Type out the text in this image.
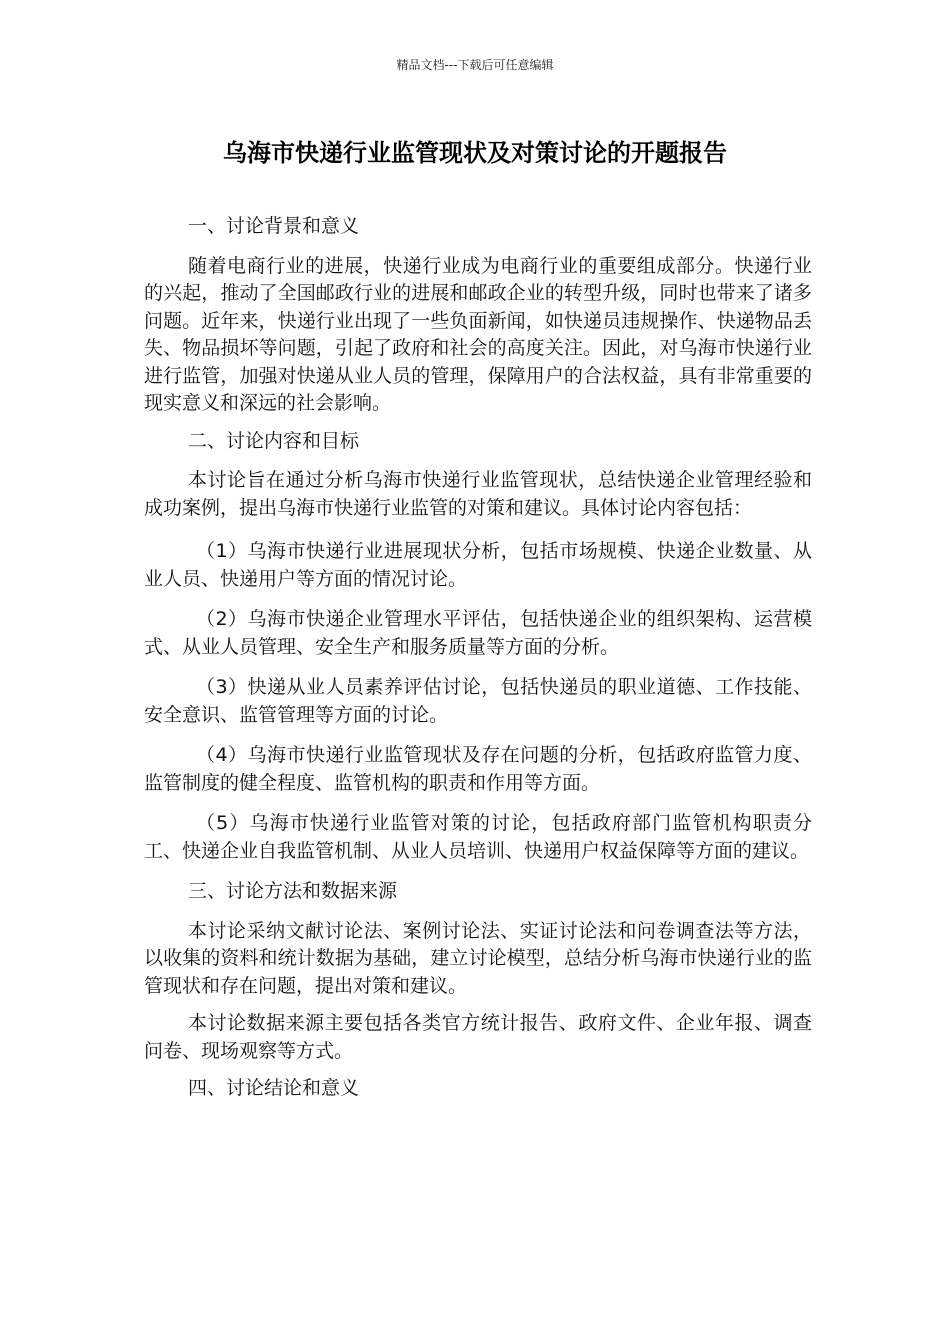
精品文档---下载后可任意编辑
乌海市快递行业监管现状及对策讨论的开题报告

一、讨论背景和意义

随着电商行业的进展，快递行业成为电商行业的重要组成部分。快递行业的兴起，推动了全国邮政行业的进展和邮政企业的转型升级，同时也带来了诸多问题。近年来，快递行业出现了一些负面新闻，如快递员违规操作、快递物品丢失、物品损坏等问题，引起了政府和社会的高度关注。因此，对乌海市快递行业进行监管，加强对快递从业人员的管理，保障用户的合法权益，具有非常重要的现实意义和深远的社会影响。

二、讨论内容和目标

本讨论旨在通过分析乌海市快递行业监管现状，总结快递企业管理经验和成功案例，提出乌海市快递行业监管的对策和建议。具体讨论内容包括：

（1）乌海市快递行业进展现状分析，包括市场规模、快递企业数量、从业人员、快递用户等方面的情况讨论。

（2）乌海市快递企业管理水平评估，包括快递企业的组织架构、运营模式、从业人员管理、安全生产和服务质量等方面的分析。

（3）快递从业人员素养评估讨论，包括快递员的职业道德、工作技能、安全意识、监管管理等方面的讨论。

（4）乌海市快递行业监管现状及存在问题的分析，包括政府监管力度、监管制度的健全程度、监管机构的职责和作用等方面。

（5）乌海市快递行业监管对策的讨论，包括政府部门监管机构职责分工、快递企业自我监管机制、从业人员培训、快递用户权益保障等方面的建议。

三、讨论方法和数据来源

本讨论采纳文献讨论法、案例讨论法、实证讨论法和问卷调查法等方法，以收集的资料和统计数据为基础，建立讨论模型，总结分析乌海市快递行业的监管现状和存在问题，提出对策和建议。

本讨论数据来源主要包括各类官方统计报告、政府文件、企业年报、调查问卷、现场观察等方式。

四、讨论结论和意义
